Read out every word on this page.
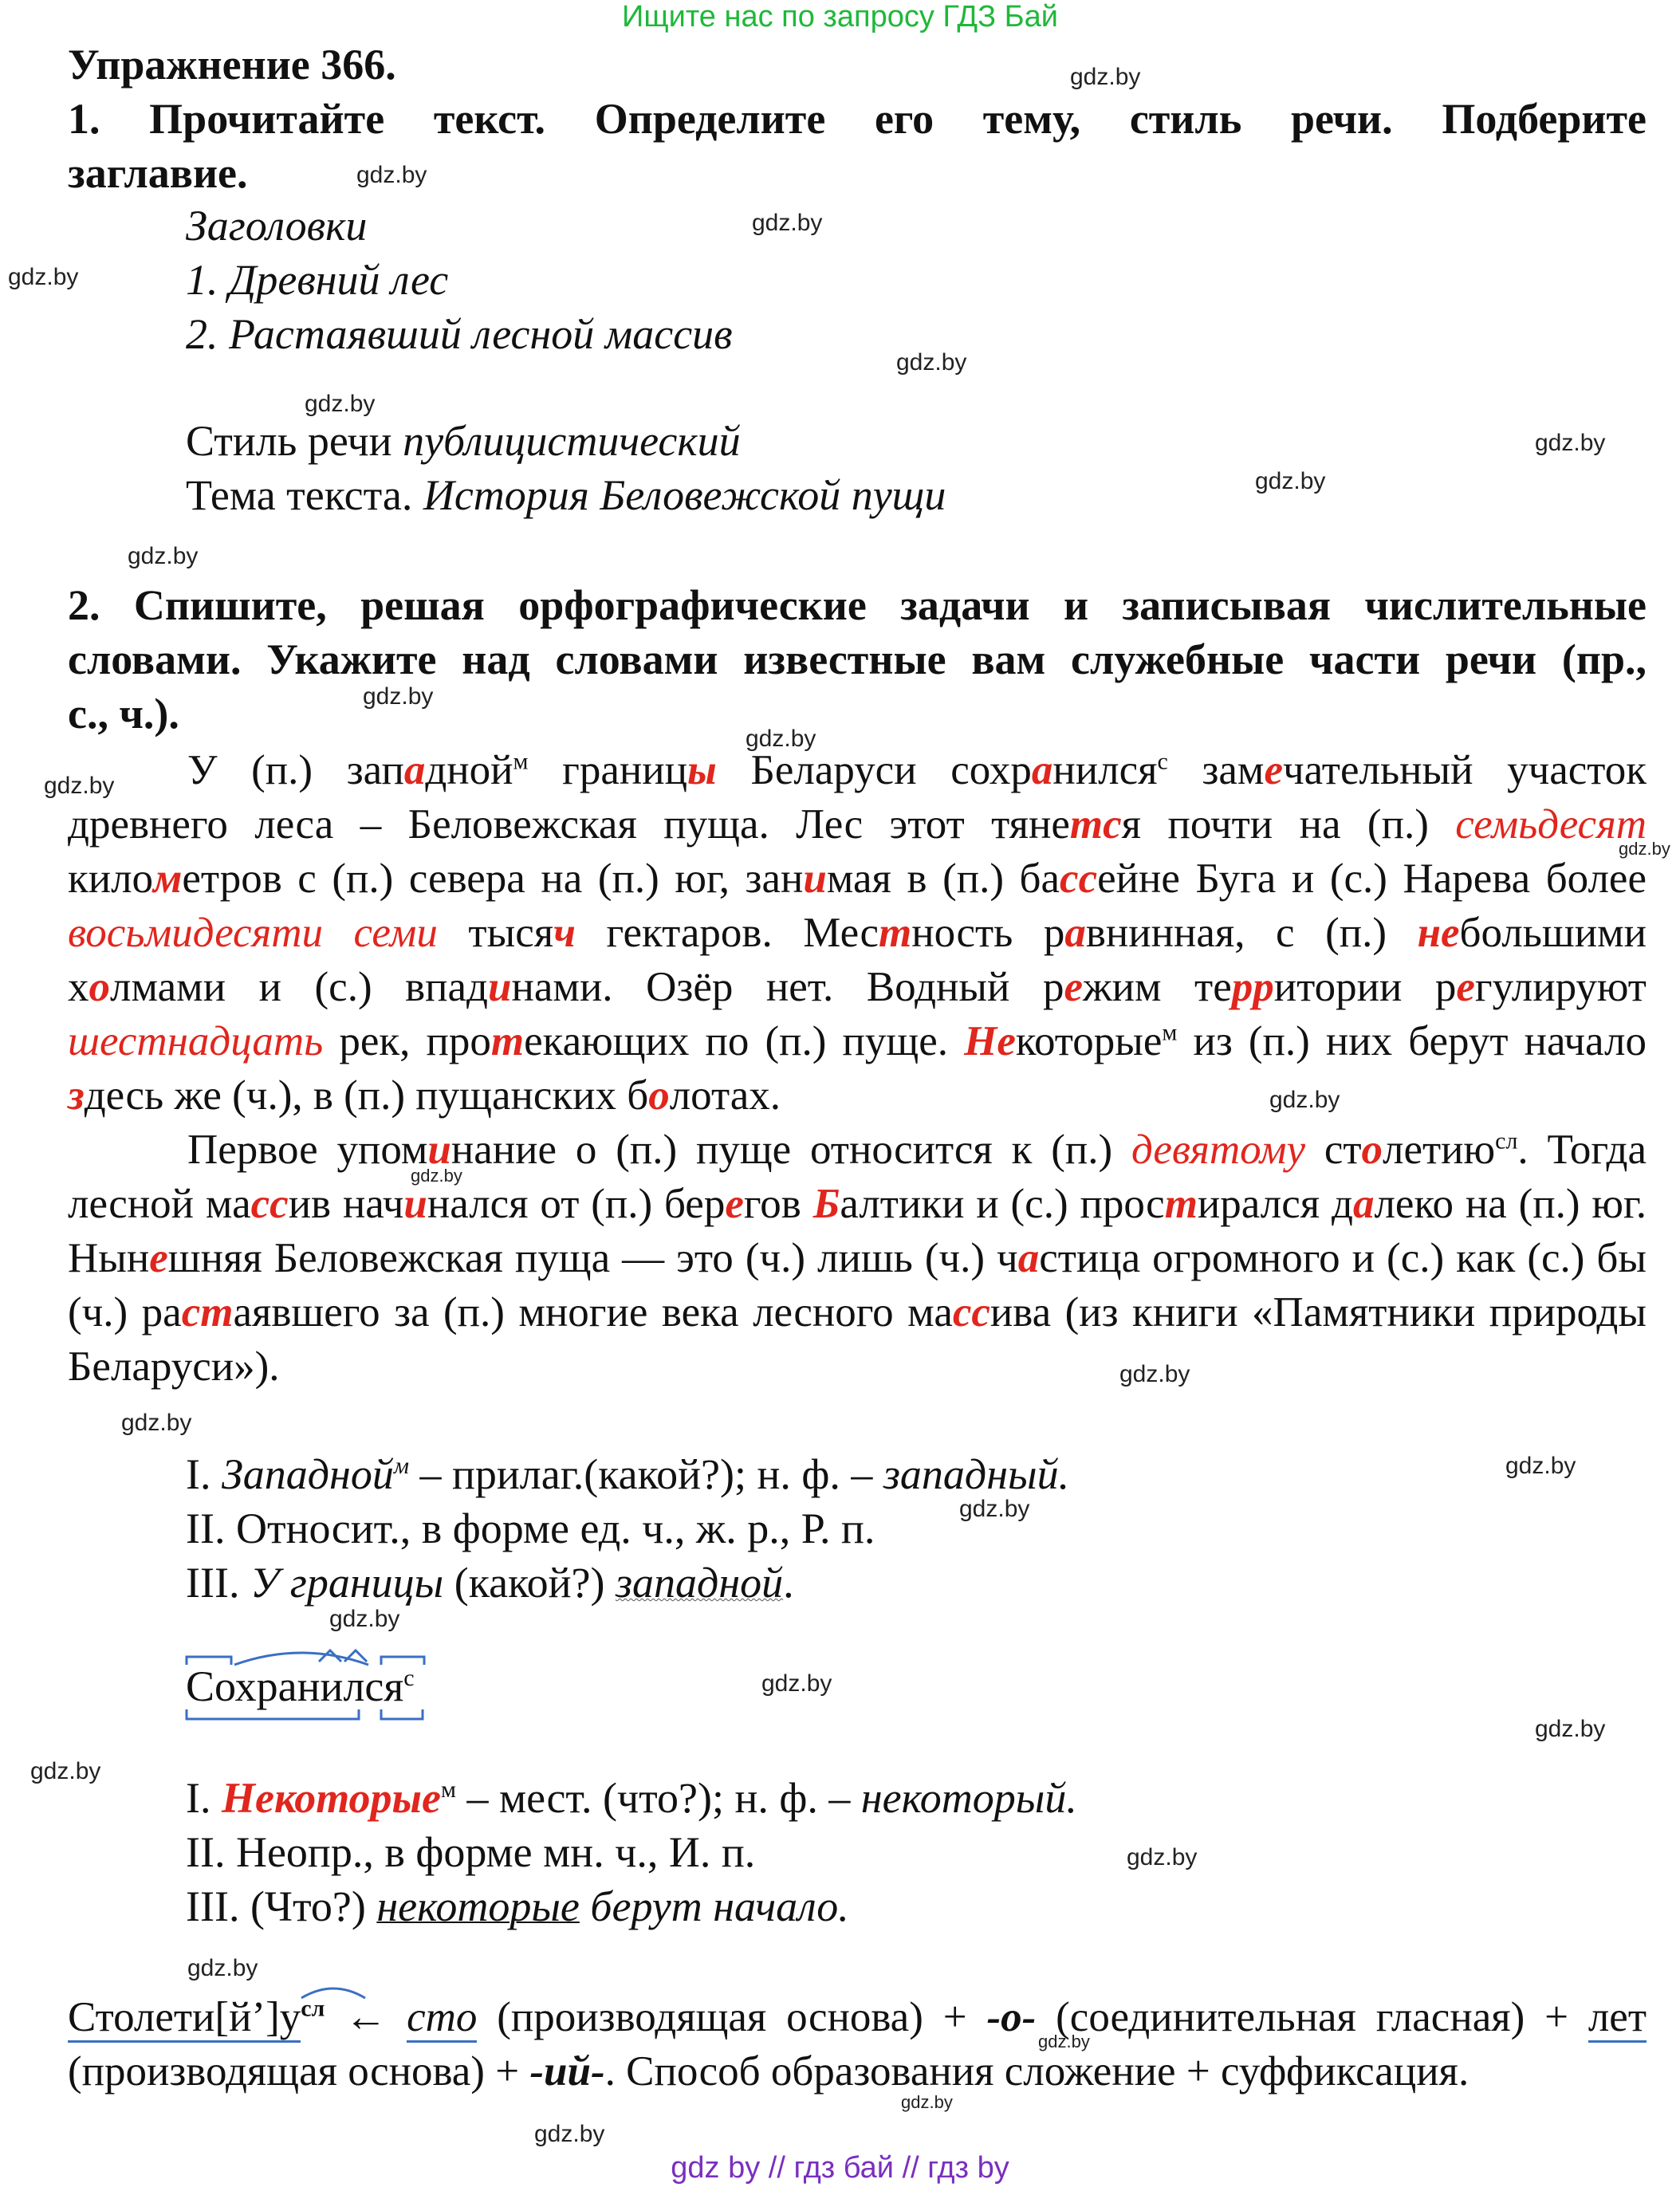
Ищите нас по запросу ГДЗ Бай
gdz.by
gdz.by
gdz.by
gdz.by
gdz.by
gdz.by
gdz.by
gdz.by
gdz.by
gdz.by
gdz.by
gdz.by
gdz.by
gdz.by
gdz.by
gdz.by
gdz.by
gdz.by
gdz.by
gdz.by
gdz.by
gdz.by
gdz.by
gdz.by
gdz.by
gdz.by
gdz.by
gdz.by
Упражнение 366.
1. Прочитайте текст. Определите его тему, стиль речи. Подберите
заглавие.
Заголовки
1. Древний лес
2. Растаявший лесной массив
Стиль речи публицистический
Тема текста. История Беловежской пущи
2. Спишите, решая орфографические задачи и записывая числительные
словами. Укажите над словами известные вам служебные части речи (пр.,
с., ч.).
У (п.) западной$^м$ границы Беларуси сохранился$^с$ замечательный участок древнего леса – Беловежская пуща. Лес этот тянется почти на (п.) семьдесят километров с (п.) севера на (п.) юг, занимая в (п.) бассейне Буга и (с.) Нарева более восьмидесяти семи тысяч гектаров. Местность равнинная, с (п.) небольшими холмами и (с.) впадинами. Озёр нет. Водный режим территории регулируют шестнадцать рек, протекающих по (п.) пуще. Некоторые$^м$ из (п.) них берут начало здесь же (ч.), в (п.) пущанских болотах.
Первое упоминание о (п.) пуще относится к (п.) девятому столетию$^{сл}$. Тогда лесной массив начинался от (п.) берегов Балтики и (с.) простирался далеко на (п.) юг. Нынешняя Беловежская пуща — это (ч.) лишь (ч.) частица огромного и (с.) как (с.) бы (ч.) растаявшего за (п.) многие века лесного массива (из книги «Памятники природы Беларуси»).
I. Западной$^м$ – прилаг.(какой?); н. ф. – западный.
II. Относит., в форме ед. ч., ж. р., Р. п.
III. У границы (какой?) западной.
Сохранился$^с$
I. Некоторые$^м$ – мест. (что?); н. ф. – некоторый.
II. Неопр., в форме мн. ч., И. п.
III. (Что?) некоторые берут начало.
$Столети[й’]у^{сл}$ ← сто (производящая основа) + -о- (соединительная гласная) + лет (производящая основа) + -ий-. Способ образования сложение + суффиксация.
gdz by // гдз бай // гдз by
